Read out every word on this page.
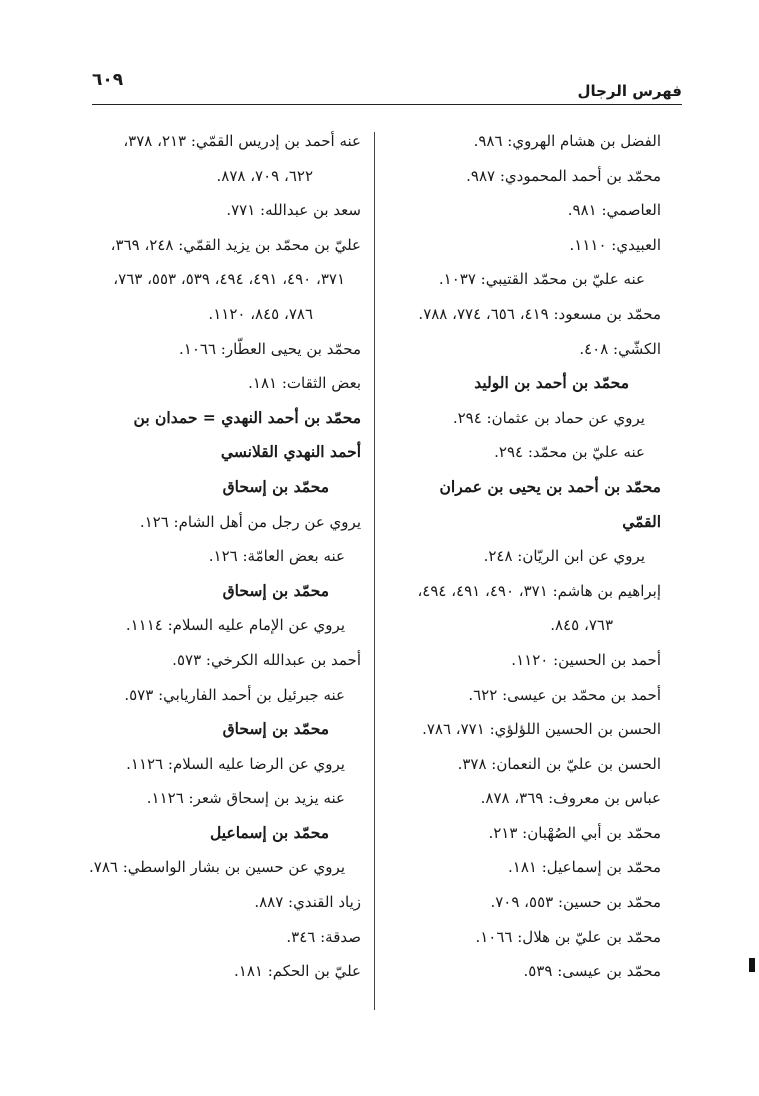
فهرس الرجال
٦٠٩
الفضل بن هشام الهروي: ٩٨٦.
محمّد بن أحمد المحمودي: ٩٨٧.
العاصمي: ٩٨١.
العبيدي: ١١١٠.
عنه عليّ بن محمّد القتيبي: ١٠٣٧.
محمّد بن مسعود: ٤١٩، ٦٥٦، ٧٧٤، ٧٨٨.
الكشّي: ٤٠٨.
محمّد بن أحمد بن الوليد
يروي عن حماد بن عثمان: ٢٩٤.
عنه عليّ بن محمّد: ٢٩٤.
محمّد بن أحمد بن يحيى بن عمران
القمّي
يروي عن ابن الريّان: ٢٤٨.
إبراهيم بن هاشم: ٣٧١، ٤٩٠، ٤٩١، ٤٩٤،
٧٦٣، ٨٤٥.
أحمد بن الحسين: ١١٢٠.
أحمد بن محمّد بن عيسى: ٦٢٢.
الحسن بن الحسين اللؤلؤي: ٧٧١، ٧٨٦.
الحسن بن عليّ بن النعمان: ٣٧٨.
عباس بن معروف: ٣٦٩، ٨٧٨.
محمّد بن أبي الصُهْبان: ٢١٣.
محمّد بن إسماعيل: ١٨١.
محمّد بن حسين: ٥٥٣، ٧٠٩.
محمّد بن عليّ بن هلال: ١٠٦٦.
محمّد بن عيسى: ٥٣٩.
عنه أحمد بن إدريس القمّي: ٢١٣، ٣٧٨،
٦٢٢، ٧٠٩، ٨٧٨.
سعد بن عبدالله: ٧٧١.
عليّ بن محمّد بن يزيد القمّي: ٢٤٨، ٣٦٩،
٣٧١، ٤٩٠، ٤٩١، ٤٩٤، ٥٣٩، ٥٥٣، ٧٦٣،
٧٨٦، ٨٤٥، ١١٢٠.
محمّد بن يحيى العطّار: ١٠٦٦.
بعض الثقات: ١٨١.
محمّد بن أحمد النهدي = حمدان بن
أحمد النهدي القلانسي
محمّد بن إسحاق
يروي عن رجل من أهل الشام: ١٢٦.
عنه بعض العامّة: ١٢٦.
محمّد بن إسحاق
يروي عن الإمام عليه السلام: ١١١٤.
أحمد بن عبدالله الكرخي: ٥٧٣.
عنه جبرئيل بن أحمد الفاريابي: ٥٧٣.
محمّد بن إسحاق
يروي عن الرضا عليه السلام: ١١٢٦.
عنه يزيد بن إسحاق شعر: ١١٢٦.
محمّد بن إسماعيل
يروي عن حسين بن بشار الواسطي: ٧٨٦.
زياد القندي: ٨٨٧.
صدقة: ٣٤٦.
عليّ بن الحكم: ١٨١.
